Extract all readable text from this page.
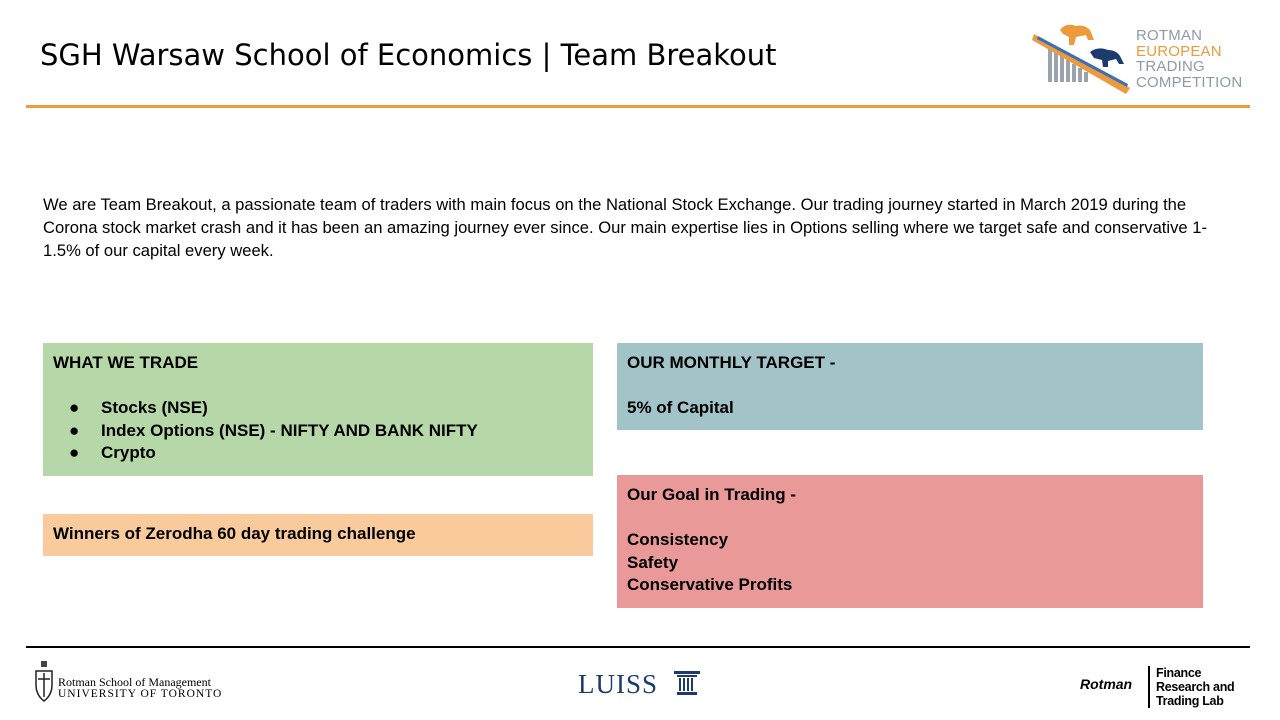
SGH Warsaw School of Economics | Team Breakout
ROTMAN
EUROPEAN
TRADING
COMPETITION
We are Team Breakout, a passionate team of traders with main focus on the National Stock Exchange. Our trading journey started in March 2019 during the Corona stock market crash and it has been an amazing journey ever since. Our main expertise lies in Options selling where we target safe and conservative 1-1.5% of our capital every week.
WHAT WE TRADE
● Stocks (NSE)
● Index Options (NSE) - NIFTY AND BANK NIFTY
● Crypto
Winners of Zerodha 60 day trading challenge
OUR MONTHLY TARGET -
5% of Capital
Our Goal in Trading -
Consistency
Safety
Conservative Profits
Rotman School of Management
UNIVERSITY OF TORONTO	LUISS	Rotman
Finance
Research and
Trading Lab
